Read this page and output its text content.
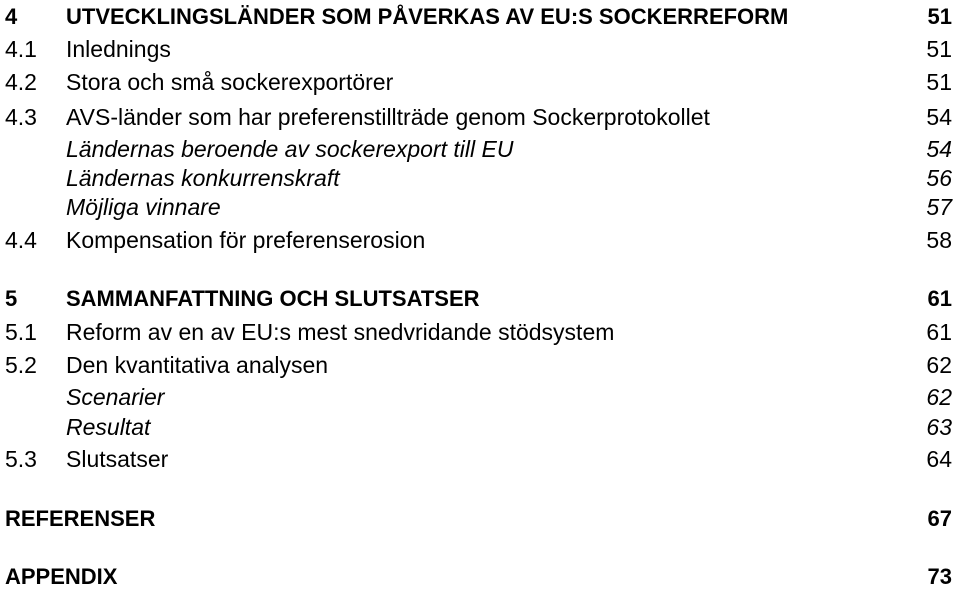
4 UTVECKLINGSLÄNDER SOM PÅVERKAS AV EU:S SOCKERREFORM	51
4.1 Inlednings	51
4.2 Stora och små sockerexportörer	51
4.3 AVS-länder som har preferenstillträde genom Sockerprotokollet	54
Ländernas beroende av sockerexport till EU	54
Ländernas konkurrenskraft	56
Möjliga vinnare	57
4.4 Kompensation för preferenserosion	58
5 SAMMANFATTNING OCH SLUTSATSER	61
5.1 Reform av en av EU:s mest snedvridande stödsystem	61
5.2 Den kvantitativa analysen	62
Scenarier	62
Resultat	63
5.3 Slutsatser	64
REFERENSER	67
APPENDIX	73
